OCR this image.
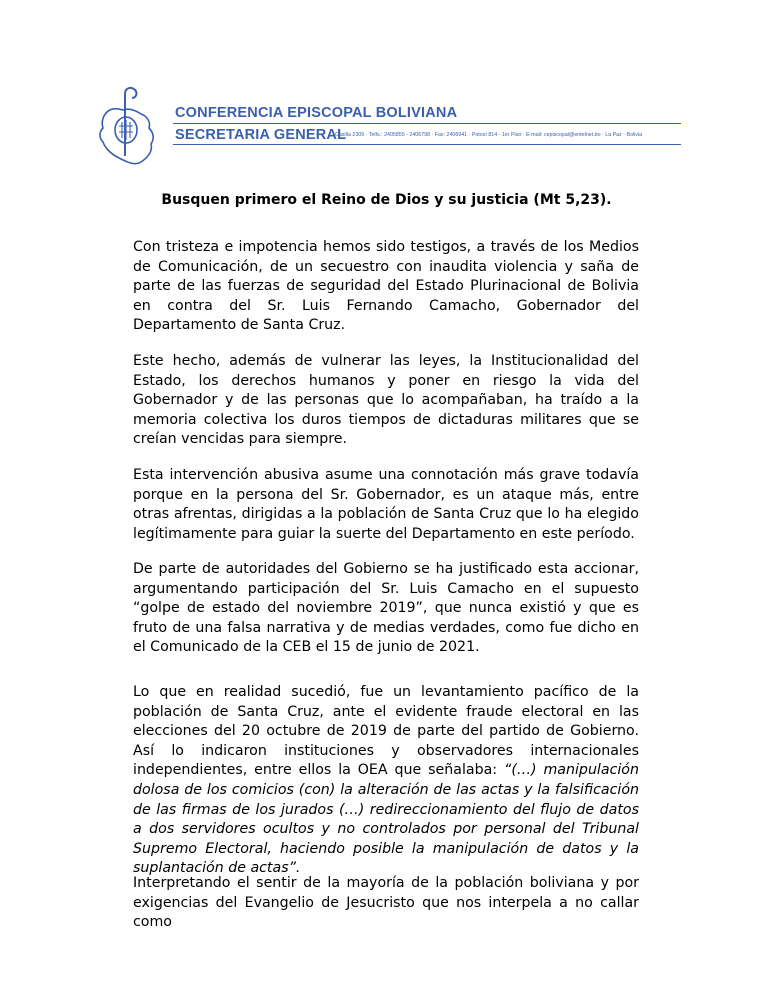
CONFERENCIA EPISCOPAL BOLIVIANA
SECRETARIA GENERAL
Casilla 2309 · Telfs.: 2405855 - 2406798 · Fax: 2406941 · Potosí 814 - 1er Piso · E-mail: cepiscopal@entelnet.bo · La Paz - Bolivia
Busquen primero el Reino de Dios y su justicia (Mt 5,23).

Con tristeza e impotencia hemos sido testigos, a través de los Medios de Comunicación, de un secuestro con inaudita violencia y saña de parte de las fuerzas de seguridad del Estado Plurinacional de Bolivia en contra del Sr. Luis Fernando Camacho, Gobernador del Departamento de Santa Cruz.

Este hecho, además de vulnerar las leyes, la Institucionalidad del Estado, los derechos humanos y poner en riesgo la vida del Gobernador y de las personas que lo acompañaban, ha traído a la memoria colectiva los duros tiempos de dictaduras militares que se creían vencidas para siempre.

Esta intervención abusiva asume una connotación más grave todavía porque en la persona del Sr. Gobernador, es un ataque más, entre otras afrentas, dirigidas a la población de Santa Cruz que lo ha elegido legítimamente para guiar la suerte del Departamento en este período.

De parte de autoridades del Gobierno se ha justificado esta accionar, argumentando participación del Sr. Luis Camacho en el supuesto “golpe de estado del noviembre 2019”, que nunca existió y que es fruto de una falsa narrativa y de medias verdades, como fue dicho en el Comunicado de la CEB el 15 de junio de 2021.

Lo que en realidad sucedió, fue un levantamiento pacífico de la población de Santa Cruz, ante el evidente fraude electoral en las elecciones del 20 octubre de 2019 de parte del partido de Gobierno. Así lo indicaron instituciones y observadores internacionales independientes, entre ellos la OEA que señalaba: “(…) manipulación dolosa de los comicios (con) la alteración de las actas y la falsificación de las firmas de los jurados (…) redireccionamiento del flujo de datos a dos servidores ocultos y no controlados por personal del Tribunal Supremo Electoral, haciendo posible la manipulación de datos y la suplantación de actas”.

Interpretando el sentir de la mayoría de la población boliviana y por exigencias del Evangelio de Jesucristo que nos interpela a no callar como
